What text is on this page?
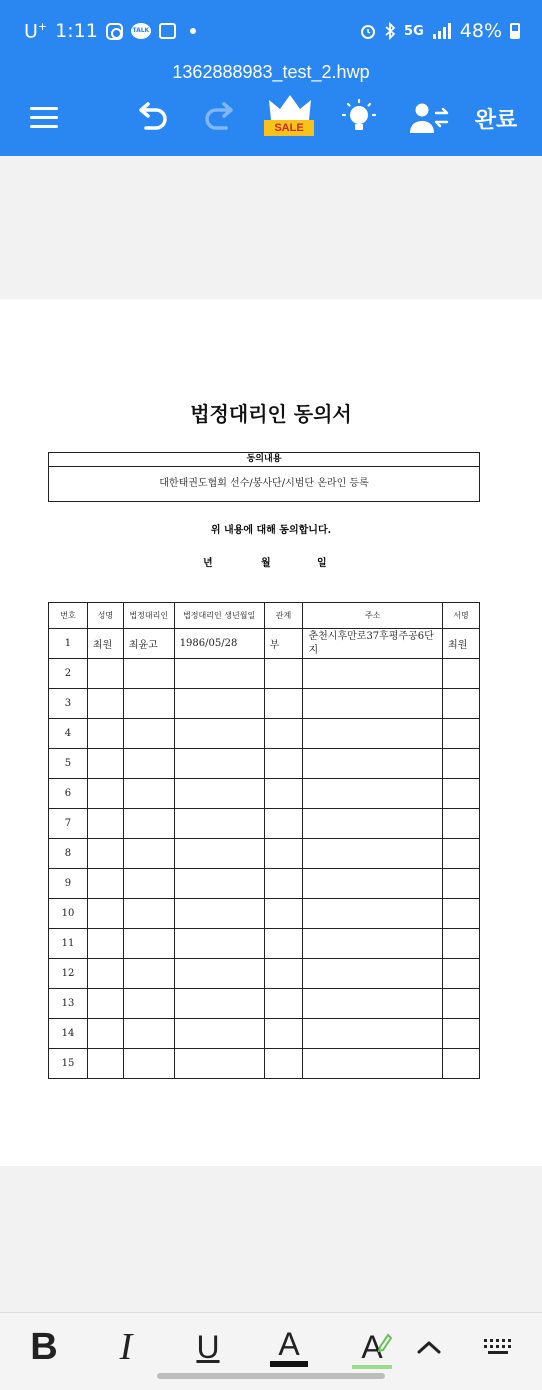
U+ 1:11	TALK	5G 48%
1362888983_test_2.hwp
SALE	완료
법정대리인 동의서
동의내용
대한태권도협회 선수/봉사단/시범단 온라인 등록
위 내용에 대해 동의합니다.
년	월	일
번호	성명	법정대리인	법정대리인 생년월일	관계	주소	서명
1	최원	최윤고	1986/05/28	부	춘천시후만로37후평주공6단지	최원
2						
3						
4						
5						
6						
7						
8						
9						
10						
11						
12						
13						
14						
15						
B I U A A
